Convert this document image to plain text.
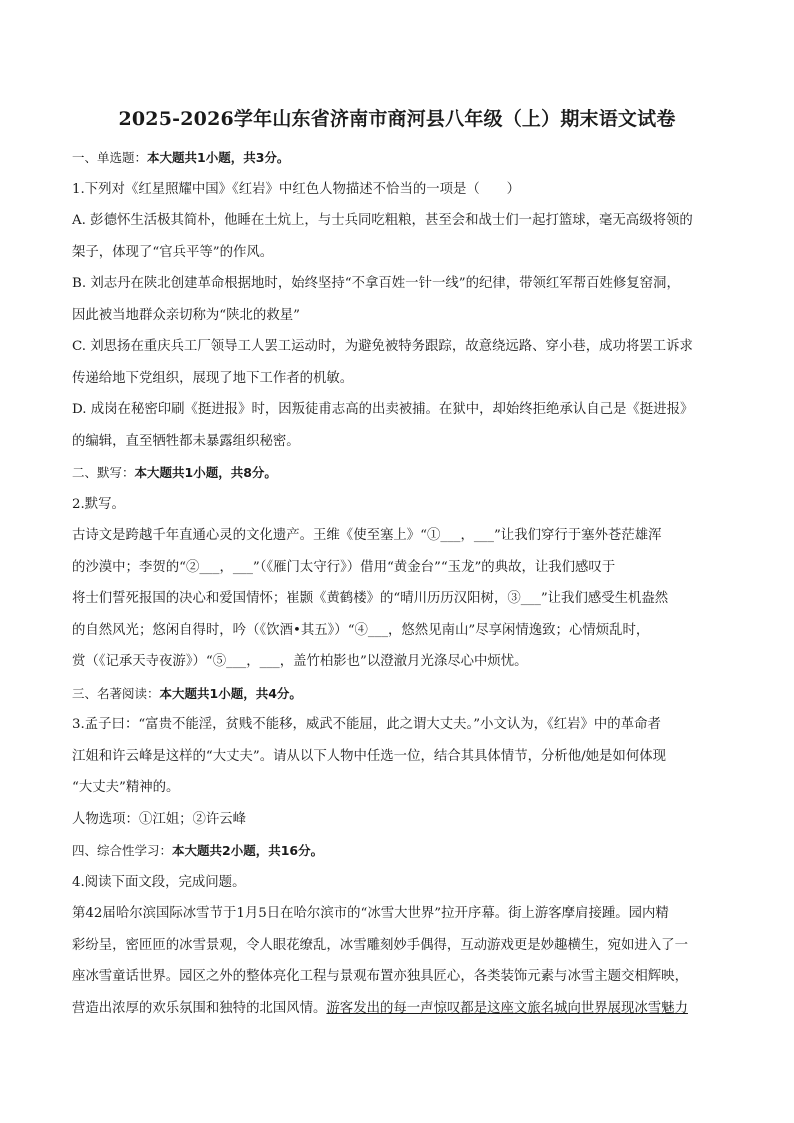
2025-2026学年山东省济南市商河县八年级（上）期末语文试卷
一、单选题：本大题共1小题，共3分。
1.下列对《红星照耀中国》《红岩》中红色人物描述不恰当的一项是（　　）
A. 彭德怀生活极其简朴，他睡在土炕上，与士兵同吃粗粮，甚至会和战士们一起打篮球，毫无高级将领的
架子，体现了“官兵平等”的作风。
B. 刘志丹在陕北创建革命根据地时，始终坚持“不拿百姓一针一线”的纪律，带领红军帮百姓修复窑洞，
因此被当地群众亲切称为“陕北的救星”
C. 刘思扬在重庆兵工厂领导工人罢工运动时，为避免被特务跟踪，故意绕远路、穿小巷，成功将罢工诉求
传递给地下党组织，展现了地下工作者的机敏。
D. 成岗在秘密印刷《挺进报》时，因叛徒甫志高的出卖被捕。在狱中，却始终拒绝承认自己是《挺进报》
的编辑，直至牺牲都未暴露组织秘密。
二、默写：本大题共1小题，共8分。
2.默写。
古诗文是跨越千年直通心灵的文化遗产。王维《使至塞上》“①___，___”让我们穿行于塞外苍茫雄浑
的沙漠中；李贺的“②___，___”（《雁门太守行》）借用“黄金台”“玉龙”的典故，让我们感叹于
将士们誓死报国的决心和爱国情怀；崔颢《黄鹤楼》的“晴川历历汉阳树，③___”让我们感受生机盎然
的自然风光；悠闲自得时，吟（《饮酒•其五》）“④___，悠然见南山”尽享闲情逸致；心情烦乱时，
赏（《记承天寺夜游》）“⑤___，___，盖竹柏影也”以澄澈月光涤尽心中烦忧。
三、名著阅读：本大题共1小题，共4分。
3.孟子曰：“富贵不能淫，贫贱不能移，威武不能屈，此之谓大丈夫。”小文认为，《红岩》中的革命者
江姐和许云峰是这样的“大丈夫”。请从以下人物中任选一位，结合其具体情节，分析他/她是如何体现
“大丈夫”精神的。
人物选项：①江姐；②许云峰
四、综合性学习：本大题共2小题，共16分。
4.阅读下面文段，完成问题。
第42届哈尔滨国际冰雪节于1月5日在哈尔滨市的“冰雪大世界”拉开序幕。街上游客摩肩接踵。园内精
彩纷呈，密匝匝的冰雪景观，令人眼花缭乱，冰雪雕刻妙手偶得，互动游戏更是妙趣横生，宛如进入了一
座冰雪童话世界。园区之外的整体亮化工程与景观布置亦独具匠心，各类装饰元素与冰雪主题交相辉映，
营造出浓厚的欢乐氛围和独特的北国风情。游客发出的每一声惊叹都是这座文旅名城向世界展现冰雪魅力
